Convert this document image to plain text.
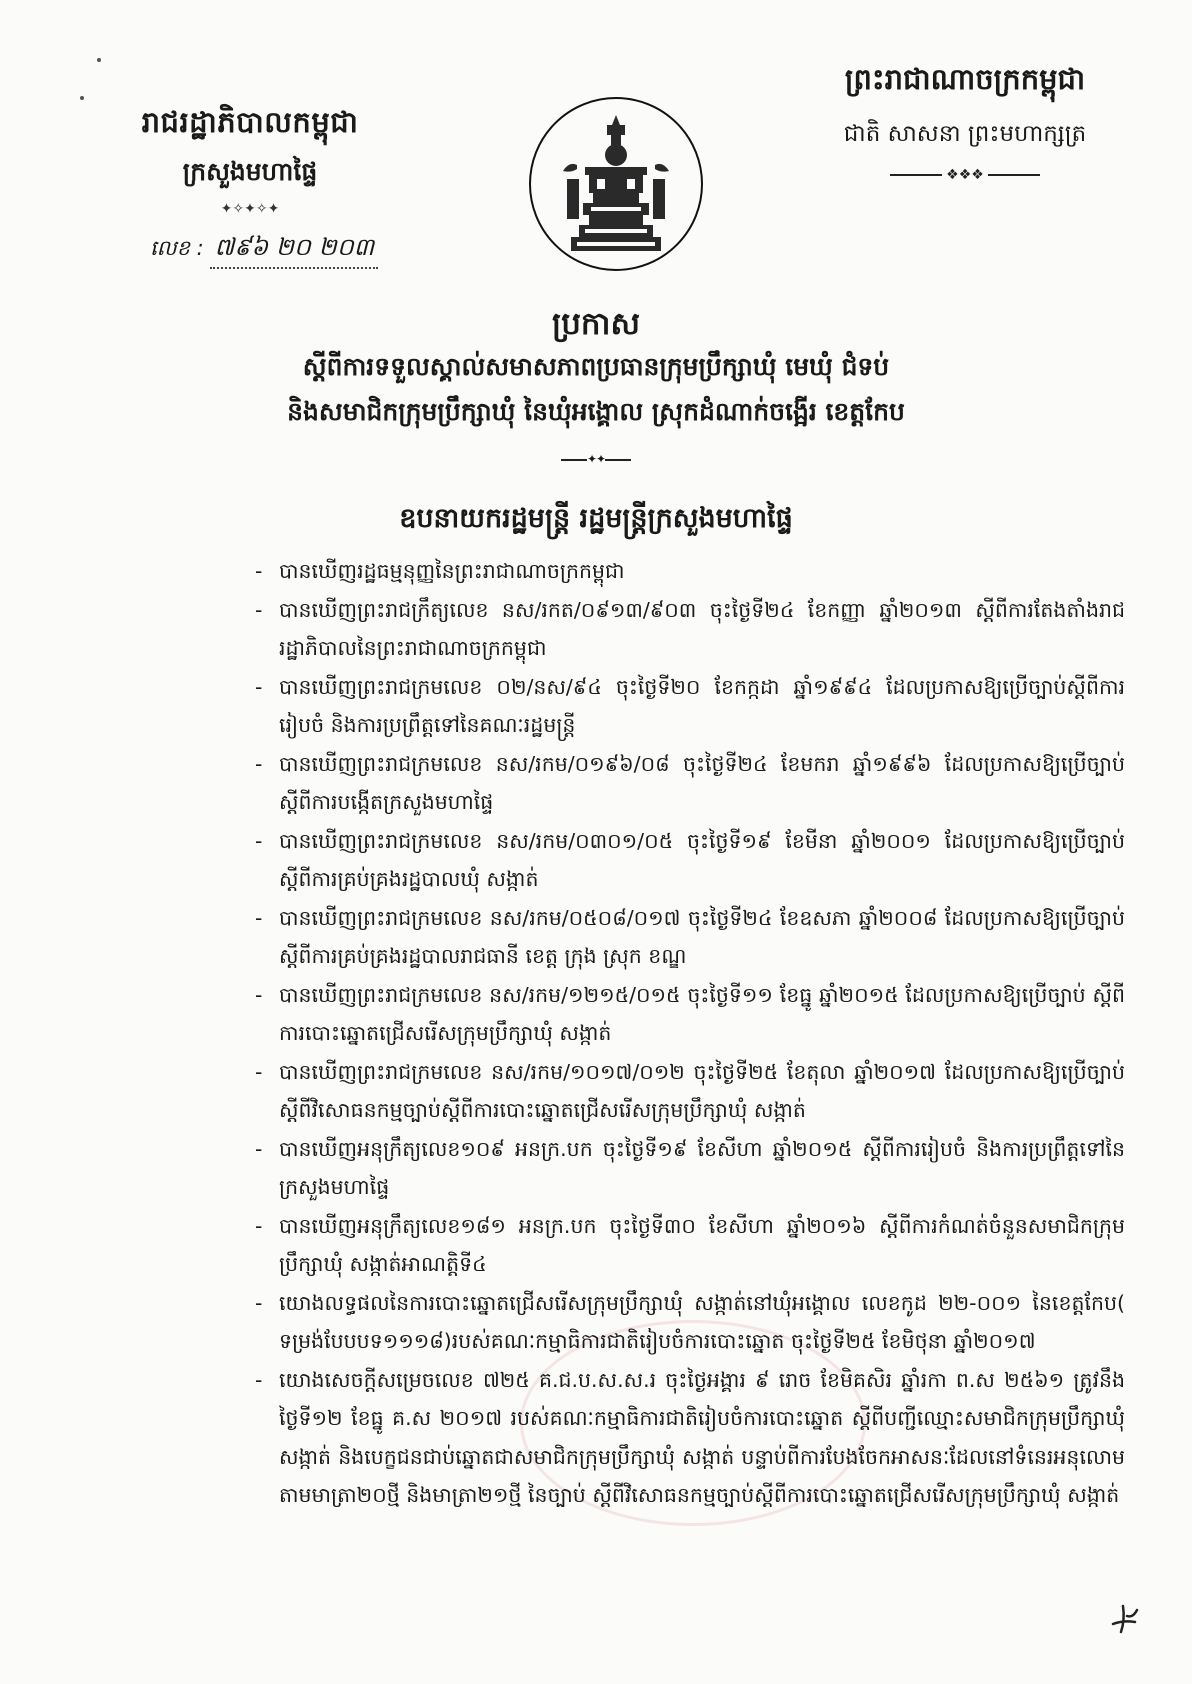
រាជរដ្ឋាភិបាលកម្ពុជា
ក្រសួងមហាផ្ទៃ
✦✧✦✧✦
លេខ : ៧៩៦ ២០ ២០៣
ព្រះរាជាណាចក្រកម្ពុជា
ជាតិ សាសនា ព្រះមហាក្សត្រ
❖❖❖
ប្រកាស
ស្តីពីការទទួលស្គាល់សមាសភាពប្រធានក្រុមប្រឹក្សាឃុំ មេឃុំ ជំទប់
និងសមាជិកក្រុមប្រឹក្សាឃុំ នៃឃុំអង្គោល ស្រុកដំណាក់ចង្អើរ ខេត្តកែប
✦✦
ឧបនាយករដ្ឋមន្ត្រី រដ្ឋមន្ត្រីក្រសួងមហាផ្ទៃ
- បានឃើញរដ្ឋធម្មនុញ្ញនៃព្រះរាជាណាចក្រកម្ពុជា
- បានឃើញព្រះរាជក្រឹត្យលេខ នស/រកត/០៩១៣/៩០៣ ចុះថ្ងៃទី២៤ ខែកញ្ញា ឆ្នាំ២០១៣ ស្តីពីការតែងតាំងរាជរដ្ឋាភិបាលនៃព្រះរាជាណាចក្រកម្ពុជា
- បានឃើញព្រះរាជក្រមលេខ ០២/នស/៩៤ ចុះថ្ងៃទី២០ ខែកក្កដា ឆ្នាំ១៩៩៤ ដែលប្រកាសឱ្យប្រើច្បាប់ស្តីពីការរៀបចំ និងការប្រព្រឹត្តទៅនៃគណៈរដ្ឋមន្ត្រី
- បានឃើញព្រះរាជក្រមលេខ នស/រកម/០១៩៦/០៨ ចុះថ្ងៃទី២៤ ខែមករា ឆ្នាំ១៩៩៦ ដែលប្រកាសឱ្យប្រើច្បាប់ ស្តីពីការបង្កើតក្រសួងមហាផ្ទៃ
- បានឃើញព្រះរាជក្រមលេខ នស/រកម/០៣០១/០៥ ចុះថ្ងៃទី១៩ ខែមីនា ឆ្នាំ២០០១ ដែលប្រកាសឱ្យប្រើច្បាប់ ស្តីពីការគ្រប់គ្រងរដ្ឋបាលឃុំ សង្កាត់
- បានឃើញព្រះរាជក្រមលេខ នស/រកម/០៥០៨/០១៧ ចុះថ្ងៃទី២៤ ខែឧសភា ឆ្នាំ២០០៨ ដែលប្រកាសឱ្យប្រើច្បាប់ ស្តីពីការគ្រប់គ្រងរដ្ឋបាលរាជធានី ខេត្ត ក្រុង ស្រុក ខណ្ឌ
- បានឃើញព្រះរាជក្រមលេខ នស/រកម/១២១៥/០១៥ ចុះថ្ងៃទី១១ ខែធ្នូ ឆ្នាំ២០១៥ ដែលប្រកាសឱ្យប្រើច្បាប់ ស្តីពីការបោះឆ្នោតជ្រើសរើសក្រុមប្រឹក្សាឃុំ សង្កាត់
- បានឃើញព្រះរាជក្រមលេខ នស/រកម/១០១៧/០១២ ចុះថ្ងៃទី២៥ ខែតុលា ឆ្នាំ២០១៧ ដែលប្រកាសឱ្យប្រើច្បាប់ ស្តីពីវិសោធនកម្មច្បាប់ស្តីពីការបោះឆ្នោតជ្រើសរើសក្រុមប្រឹក្សាឃុំ សង្កាត់
- បានឃើញអនុក្រឹត្យលេខ១០៩ អនក្រ.បក ចុះថ្ងៃទី១៩ ខែសីហា ឆ្នាំ២០១៥ ស្តីពីការរៀបចំ និងការប្រព្រឹត្តទៅនៃក្រសួងមហាផ្ទៃ
- បានឃើញអនុក្រឹត្យលេខ១៨១ អនក្រ.បក ចុះថ្ងៃទី៣០ ខែសីហា ឆ្នាំ២០១៦ ស្តីពីការកំណត់ចំនួនសមាជិកក្រុមប្រឹក្សាឃុំ សង្កាត់អាណត្តិទី៤
- យោងលទ្ធផលនៃការបោះឆ្នោតជ្រើសរើសក្រុមប្រឹក្សាឃុំ សង្កាត់នៅឃុំអង្គោល លេខកូដ ២២-០០១ នៃខេត្តកែប( ទម្រង់បែបបទ១១១៨)របស់គណៈកម្មាធិការជាតិរៀបចំការបោះឆ្នោត ចុះថ្ងៃទី២៥ ខែមិថុនា ឆ្នាំ២០១៧
- យោងសេចក្តីសម្រេចលេខ ៧២៥ គ.ជ.ប.ស.ស.រ ចុះថ្ងៃអង្គារ ៩ រោច ខែមិគសិរ ឆ្នាំរកា ព.ស ២៥៦១ ត្រូវនឹងថ្ងៃទី១២ ខែធ្នូ គ.ស ២០១៧ របស់គណៈកម្មាធិការជាតិរៀបចំការបោះឆ្នោត ស្តីពីបញ្ជីឈ្មោះសមាជិកក្រុមប្រឹក្សាឃុំ សង្កាត់ និងបេក្ខជនជាប់ឆ្នោតជាសមាជិកក្រុមប្រឹក្សាឃុំ សង្កាត់ បន្ទាប់ពីការបែងចែកអាសនៈដែលនៅទំនេរអនុលោមតាមមាត្រា២០ថ្មី និងមាត្រា២១ថ្មី នៃច្បាប់ ស្តីពីវិសោធនកម្មច្បាប់ស្តីពីការបោះឆ្នោតជ្រើសរើសក្រុមប្រឹក្សាឃុំ សង្កាត់
